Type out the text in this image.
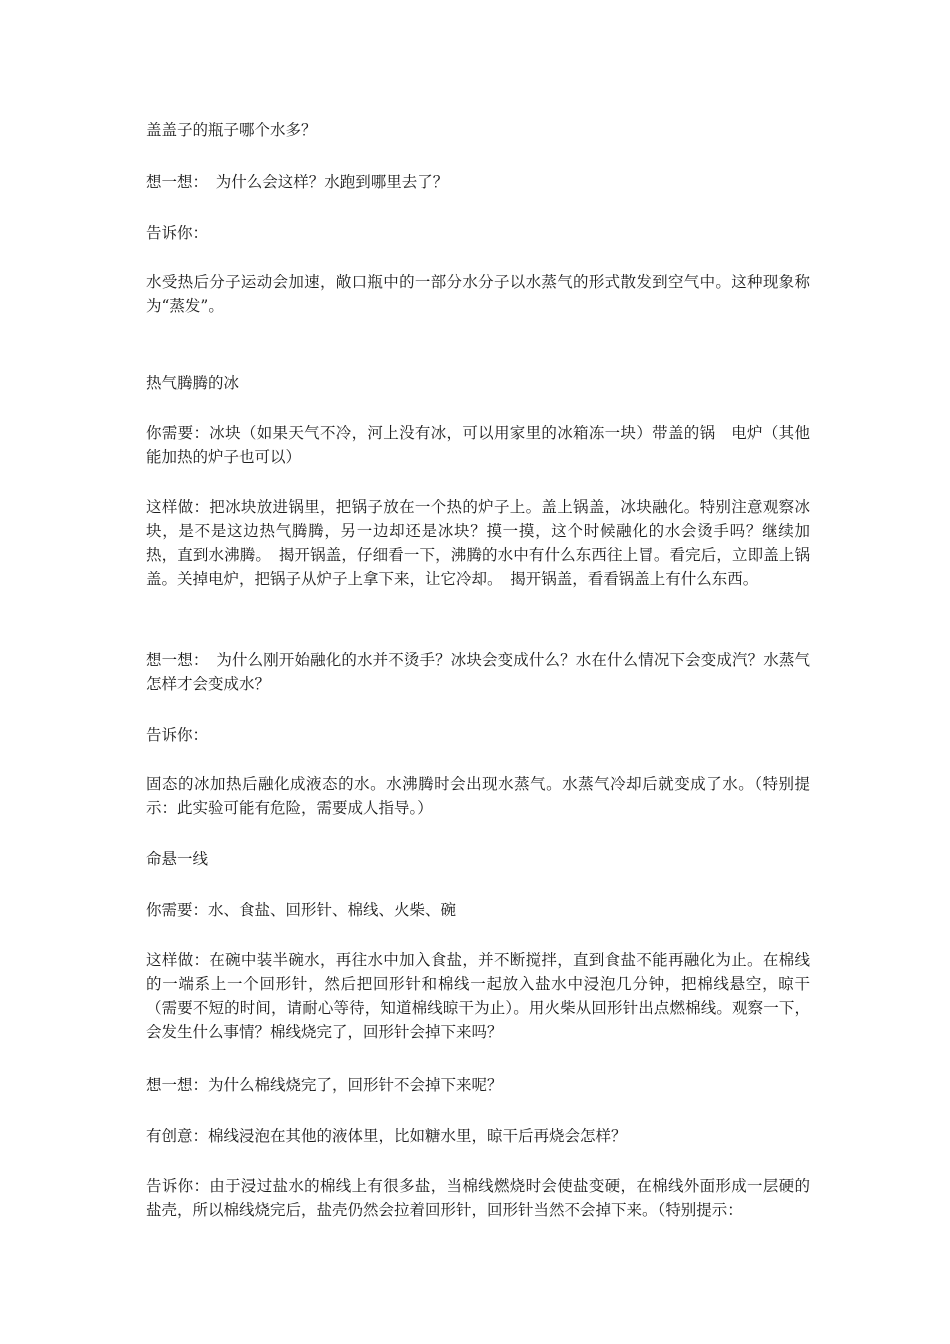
盖盖子的瓶子哪个水多？

想一想：　为什么会这样？水跑到哪里去了？

告诉你：

水受热后分子运动会加速，敞口瓶中的一部分水分子以水蒸气的形式散发到空气中。这种现象称为“蒸发”。

热气腾腾的冰

你需要：冰块（如果天气不冷，河上没有冰，可以用家里的冰箱冻一块）带盖的锅　电炉（其他能加热的炉子也可以）

这样做：把冰块放进锅里，把锅子放在一个热的炉子上。盖上锅盖，冰块融化。特别注意观察冰块，是不是这边热气腾腾，另一边却还是冰块？摸一摸，这个时候融化的水会烫手吗？继续加热，直到水沸腾。　揭开锅盖，仔细看一下，沸腾的水中有什么东西往上冒。看完后，立即盖上锅盖。关掉电炉，把锅子从炉子上拿下来，让它冷却。　揭开锅盖，看看锅盖上有什么东西。

想一想：　为什么刚开始融化的水并不烫手？冰块会变成什么？水在什么情况下会变成汽？水蒸气怎样才会变成水？

告诉你：

固态的冰加热后融化成液态的水。水沸腾时会出现水蒸气。水蒸气冷却后就变成了水。（特别提示：此实验可能有危险，需要成人指导。）

命悬一线

你需要：水、食盐、回形针、棉线、火柴、碗

这样做：在碗中装半碗水，再往水中加入食盐，并不断搅拌，直到食盐不能再融化为止。在棉线的一端系上一个回形针，然后把回形针和棉线一起放入盐水中浸泡几分钟，把棉线悬空，晾干（需要不短的时间，请耐心等待，知道棉线晾干为止）。用火柴从回形针出点燃棉线。观察一下，会发生什么事情？棉线烧完了，回形针会掉下来吗？

想一想：为什么棉线烧完了，回形针不会掉下来呢？

有创意：棉线浸泡在其他的液体里，比如糖水里，晾干后再烧会怎样？

告诉你：由于浸过盐水的棉线上有很多盐，当棉线燃烧时会使盐变硬，在棉线外面形成一层硬的盐壳，所以棉线烧完后，盐壳仍然会拉着回形针，回形针当然不会掉下来。（特别提示：
